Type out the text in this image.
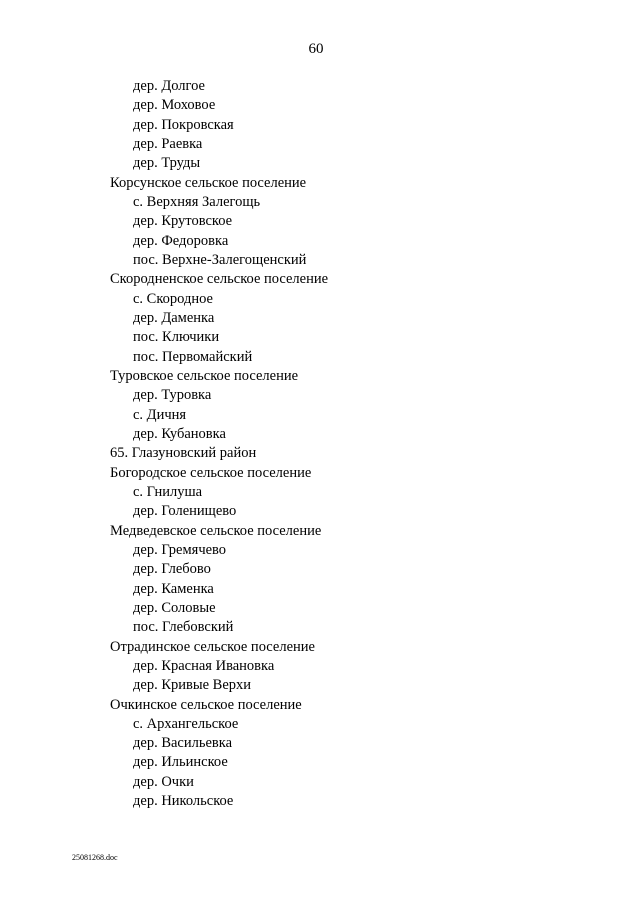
60
дер. Долгое
дер. Моховое
дер. Покровская
дер. Раевка
дер. Труды
Корсунское сельское поселение
с. Верхняя Залегощь
дер. Крутовское
дер. Федоровка
пос. Верхне-Залегощенский
Скородненское сельское поселение
с. Скородное
дер. Даменка
пос. Ключики
пос. Первомайский
Туровское сельское поселение
дер. Туровка
с. Дичня
дер. Кубановка
65. Глазуновский район
Богородское сельское поселение
с. Гнилуша
дер. Голенищево
Медведевское сельское поселение
дер. Гремячево
дер. Глебово
дер. Каменка
дер. Соловые
пос. Глебовский
Отрадинское сельское поселение
дер. Красная Ивановка
дер. Кривые Верхи
Очкинское сельское поселение
с. Архангельское
дер. Васильевка
дер. Ильинское
дер. Очки
дер. Никольское
25081268.doc
